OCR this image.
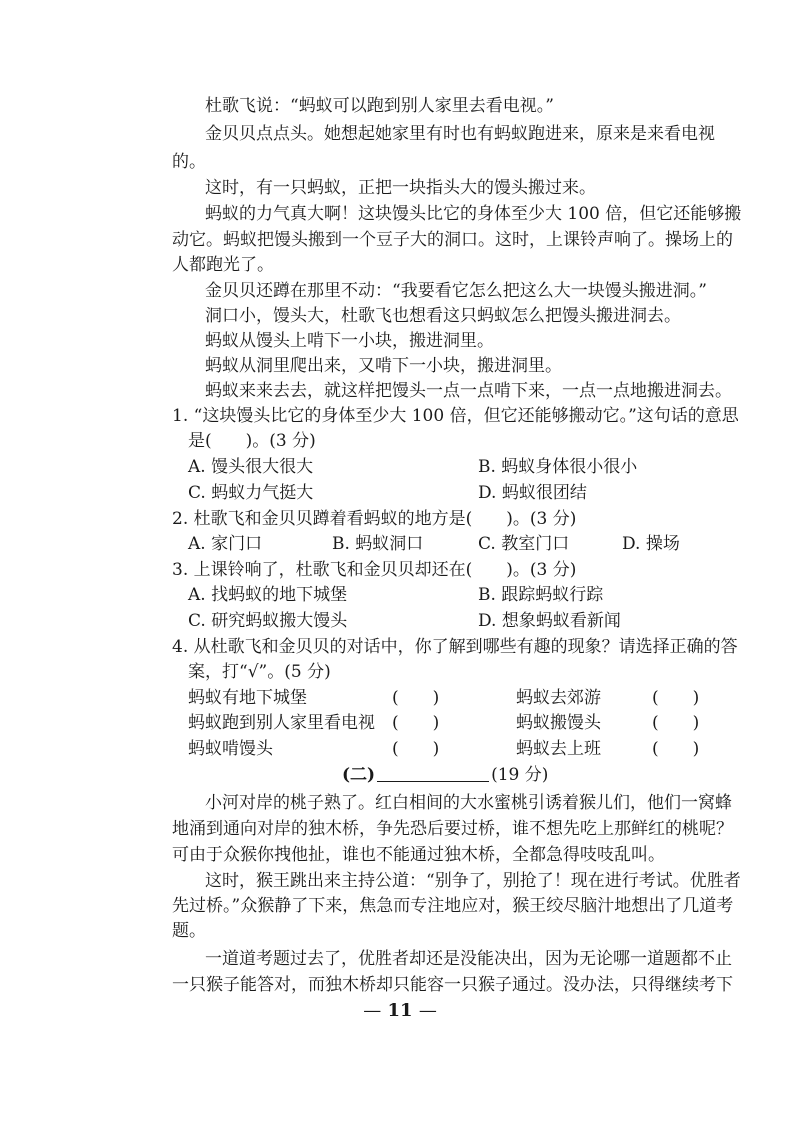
杜歌飞说：“蚂蚁可以跑到别人家里去看电视。”
金贝贝点点头。她想起她家里有时也有蚂蚁跑进来，原来是来看电视
的。
这时，有一只蚂蚁，正把一块指头大的馒头搬过来。
蚂蚁的力气真大啊！这块馒头比它的身体至少大 100 倍，但它还能够搬
动它。蚂蚁把馒头搬到一个豆子大的洞口。这时，上课铃声响了。操场上的
人都跑光了。
金贝贝还蹲在那里不动：“我要看它怎么把这么大一块馒头搬进洞。”
洞口小，馒头大，杜歌飞也想看这只蚂蚁怎么把馒头搬进洞去。
蚂蚁从馒头上啃下一小块，搬进洞里。
蚂蚁从洞里爬出来，又啃下一小块，搬进洞里。
蚂蚁来来去去，就这样把馒头一点一点啃下来，一点一点地搬进洞去。
1. “这块馒头比它的身体至少大 100 倍，但它还能够搬动它。”这句话的意思
是(　　)。(3 分)
A. 馒头很大很大	B. 蚂蚁身体很小很小
C. 蚂蚁力气挺大	D. 蚂蚁很团结
2. 杜歌飞和金贝贝蹲着看蚂蚁的地方是(　　)。(3 分)
A. 家门口	B. 蚂蚁洞口	C. 教室门口	D. 操场
3. 上课铃响了，杜歌飞和金贝贝却还在(　　)。(3 分)
A. 找蚂蚁的地下城堡	B. 跟踪蚂蚁行踪
C. 研究蚂蚁搬大馒头	D. 想象蚂蚁看新闻
4. 从杜歌飞和金贝贝的对话中，你了解到哪些有趣的现象？请选择正确的答
案，打“√”。(5 分)
蚂蚁有地下城堡	(　　)	蚂蚁去郊游	(　　)
蚂蚁跑到别人家里看电视 (　　)	蚂蚁搬馒头	(　　)
蚂蚁啃馒头	(　　)	蚂蚁去上班	(　　)
(二)	(19 分)
小河对岸的桃子熟了。红白相间的大水蜜桃引诱着猴儿们，他们一窝蜂
地涌到通向对岸的独木桥，争先恐后要过桥，谁不想先吃上那鲜红的桃呢？
可由于众猴你拽他扯，谁也不能通过独木桥，全都急得吱吱乱叫。
这时，猴王跳出来主持公道：“别争了，别抢了！现在进行考试。优胜者
先过桥。”众猴静了下来，焦急而专注地应对，猴王绞尽脑汁地想出了几道考
题。
一道道考题过去了，优胜者却还是没能决出，因为无论哪一道题都不止
一只猴子能答对，而独木桥却只能容一只猴子通过。没办法，只得继续考下
— 11 —
